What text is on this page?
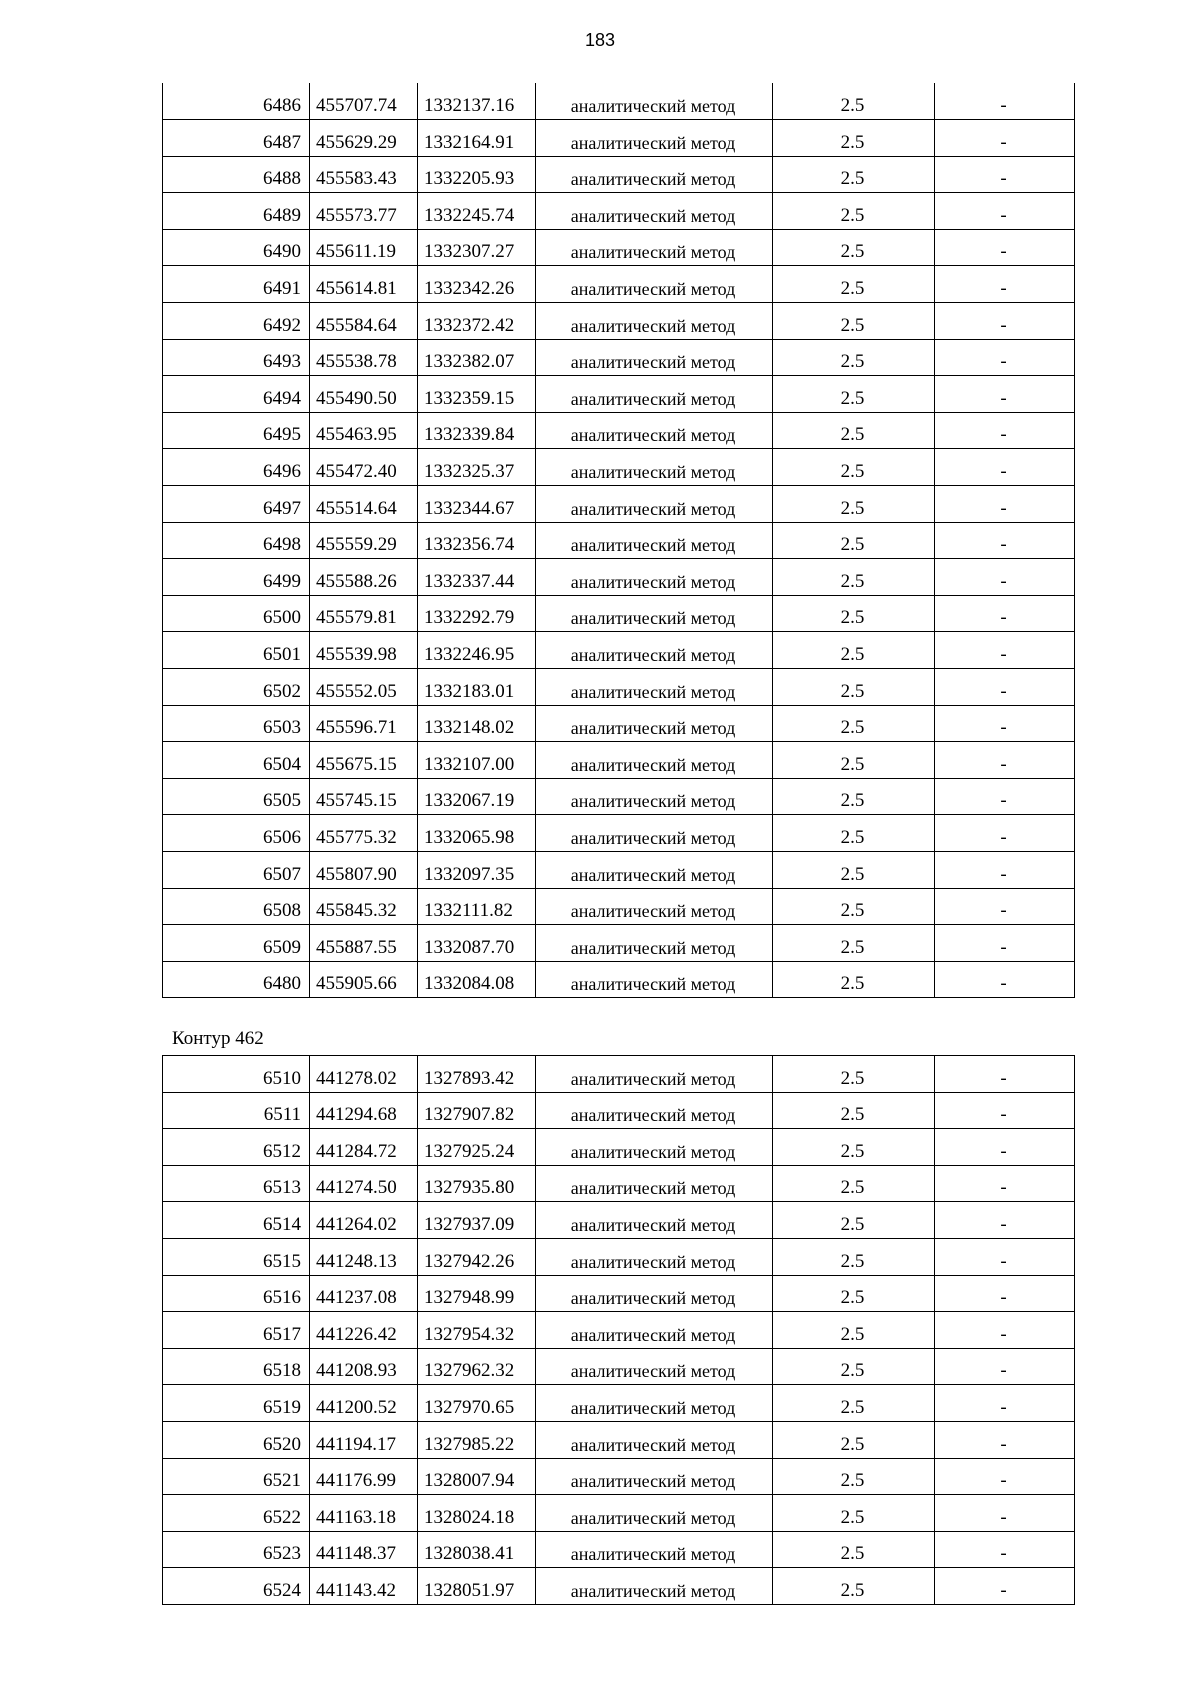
183
6486	455707.74	1332137.16	аналитический метод	2.5	-
6487	455629.29	1332164.91	аналитический метод	2.5	-
6488	455583.43	1332205.93	аналитический метод	2.5	-
6489	455573.77	1332245.74	аналитический метод	2.5	-
6490	455611.19	1332307.27	аналитический метод	2.5	-
6491	455614.81	1332342.26	аналитический метод	2.5	-
6492	455584.64	1332372.42	аналитический метод	2.5	-
6493	455538.78	1332382.07	аналитический метод	2.5	-
6494	455490.50	1332359.15	аналитический метод	2.5	-
6495	455463.95	1332339.84	аналитический метод	2.5	-
6496	455472.40	1332325.37	аналитический метод	2.5	-
6497	455514.64	1332344.67	аналитический метод	2.5	-
6498	455559.29	1332356.74	аналитический метод	2.5	-
6499	455588.26	1332337.44	аналитический метод	2.5	-
6500	455579.81	1332292.79	аналитический метод	2.5	-
6501	455539.98	1332246.95	аналитический метод	2.5	-
6502	455552.05	1332183.01	аналитический метод	2.5	-
6503	455596.71	1332148.02	аналитический метод	2.5	-
6504	455675.15	1332107.00	аналитический метод	2.5	-
6505	455745.15	1332067.19	аналитический метод	2.5	-
6506	455775.32	1332065.98	аналитический метод	2.5	-
6507	455807.90	1332097.35	аналитический метод	2.5	-
6508	455845.32	1332111.82	аналитический метод	2.5	-
6509	455887.55	1332087.70	аналитический метод	2.5	-
6480	455905.66	1332084.08	аналитический метод	2.5	-
Контур 462
6510	441278.02	1327893.42	аналитический метод	2.5	-
6511	441294.68	1327907.82	аналитический метод	2.5	-
6512	441284.72	1327925.24	аналитический метод	2.5	-
6513	441274.50	1327935.80	аналитический метод	2.5	-
6514	441264.02	1327937.09	аналитический метод	2.5	-
6515	441248.13	1327942.26	аналитический метод	2.5	-
6516	441237.08	1327948.99	аналитический метод	2.5	-
6517	441226.42	1327954.32	аналитический метод	2.5	-
6518	441208.93	1327962.32	аналитический метод	2.5	-
6519	441200.52	1327970.65	аналитический метод	2.5	-
6520	441194.17	1327985.22	аналитический метод	2.5	-
6521	441176.99	1328007.94	аналитический метод	2.5	-
6522	441163.18	1328024.18	аналитический метод	2.5	-
6523	441148.37	1328038.41	аналитический метод	2.5	-
6524	441143.42	1328051.97	аналитический метод	2.5	-
